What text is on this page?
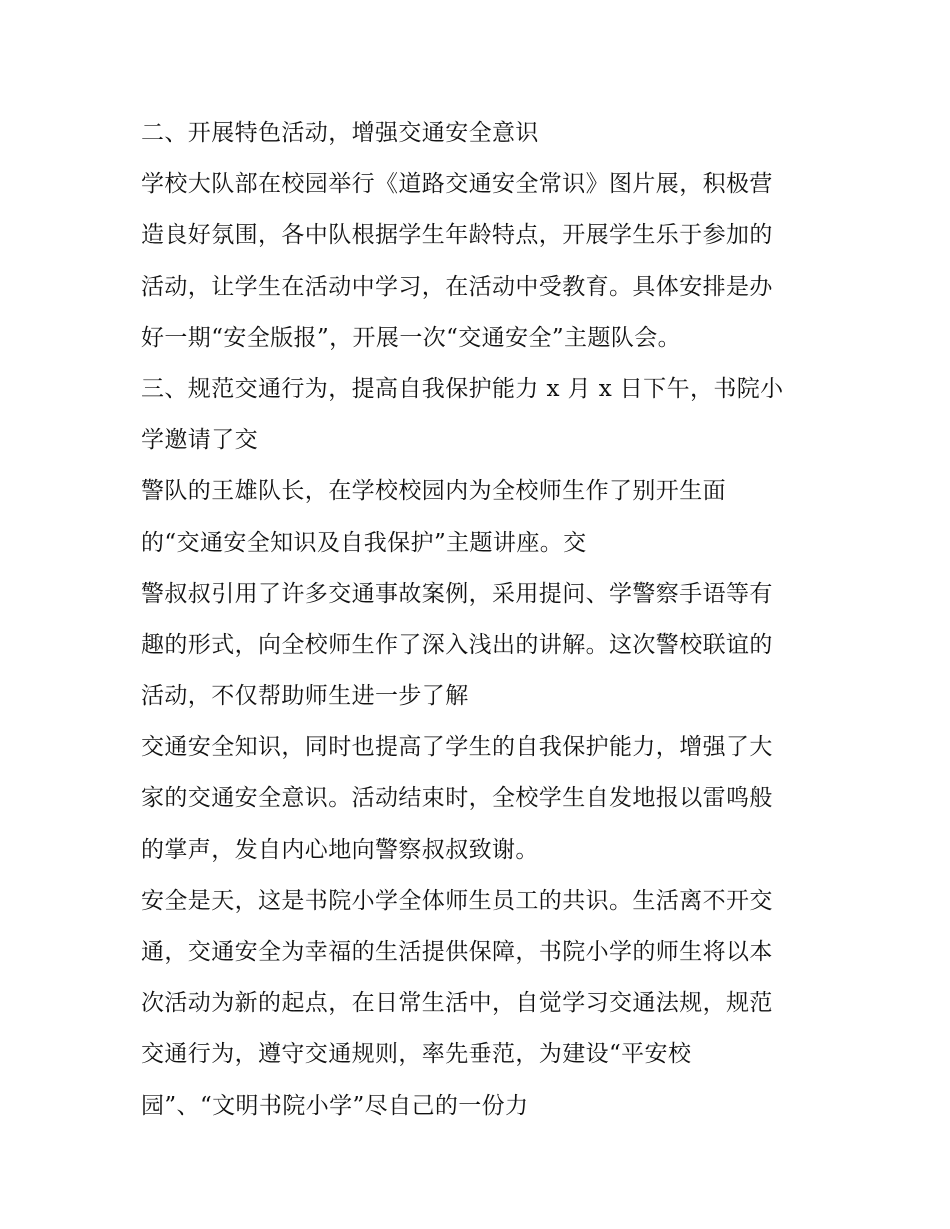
二、开展特色活动，增强交通安全意识
学校大队部在校园举行《道路交通安全常识》图片展，积极营
造良好氛围，各中队根据学生年龄特点，开展学生乐于参加的
活动，让学生在活动中学习，在活动中受教育。具体安排是办
好一期“安全版报”，开展一次“交通安全”主题队会。
三、规范交通行为，提高自我保护能力 x 月 x 日下午，书院小
学邀请了交
警队的王雄队长，在学校校园内为全校师生作了别开生面
的“交通安全知识及自我保护”主题讲座。交
警叔叔引用了许多交通事故案例，采用提问、学警察手语等有
趣的形式，向全校师生作了深入浅出的讲解。这次警校联谊的
活动，不仅帮助师生进一步了解
交通安全知识，同时也提高了学生的自我保护能力，增强了大
家的交通安全意识。活动结束时，全校学生自发地报以雷鸣般
的掌声，发自内心地向警察叔叔致谢。
安全是天，这是书院小学全体师生员工的共识。生活离不开交
通，交通安全为幸福的生活提供保障，书院小学的师生将以本
次活动为新的起点，在日常生活中，自觉学习交通法规，规范
交通行为，遵守交通规则，率先垂范，为建设“平安校
园”、“文明书院小学”尽自己的一份力
